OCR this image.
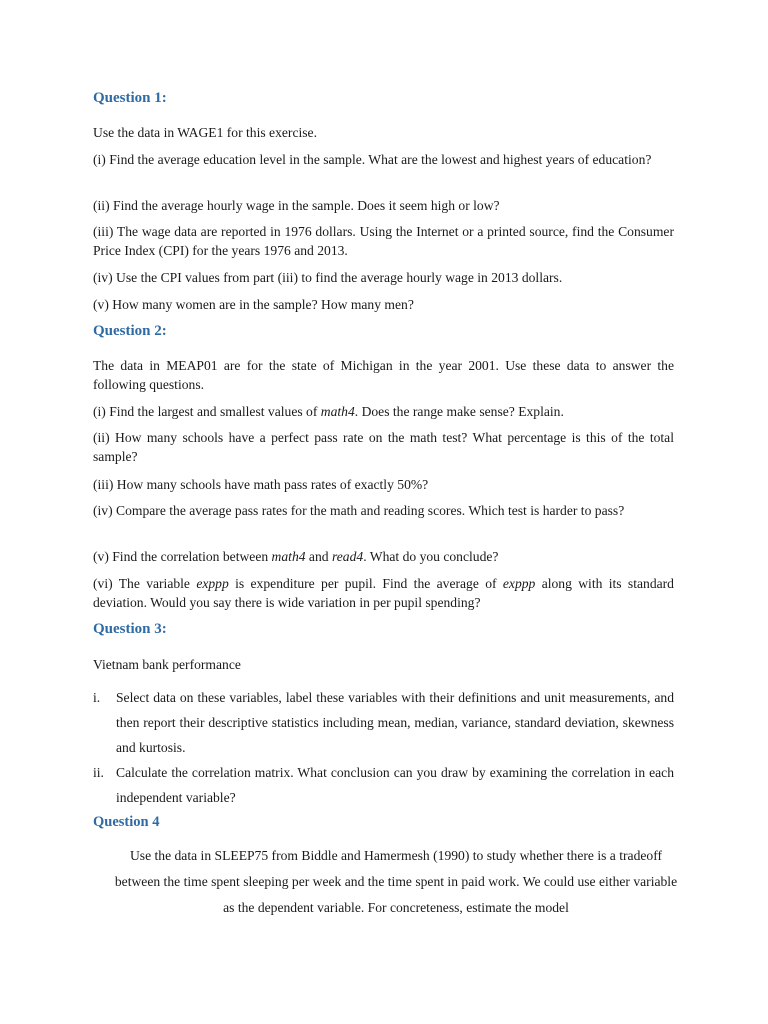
Question 1:

Use the data in WAGE1 for this exercise.

(i) Find the average education level in the sample. What are the lowest and highest years of education?

(ii) Find the average hourly wage in the sample. Does it seem high or low?

(iii) The wage data are reported in 1976 dollars. Using the Internet or a printed source, find the Consumer Price Index (CPI) for the years 1976 and 2013.

(iv) Use the CPI values from part (iii) to find the average hourly wage in 2013 dollars.

(v) How many women are in the sample? How many men?

Question 2:

The data in MEAP01 are for the state of Michigan in the year 2001. Use these data to answer the following questions.

(i) Find the largest and smallest values of math4. Does the range make sense? Explain.

(ii) How many schools have a perfect pass rate on the math test? What percentage is this of the total sample?

(iii) How many schools have math pass rates of exactly 50%?

(iv) Compare the average pass rates for the math and reading scores. Which test is harder to pass?

(v) Find the correlation between math4 and read4. What do you conclude?

(vi) The variable exppp is expenditure per pupil. Find the average of exppp along with its standard deviation. Would you say there is wide variation in per pupil spending?

Question 3:

Vietnam bank performance

i. Select data on these variables, label these variables with their definitions and unit measurements, and then report their descriptive statistics including mean, median, variance, standard deviation, skewness and kurtosis.
ii. Calculate the correlation matrix. What conclusion can you draw by examining the correlation in each independent variable?
Question 4

Use the data in SLEEP75 from Biddle and Hamermesh (1990) to study whether there is a tradeoff between the time spent sleeping per week and the time spent in paid work. We could use either variable as the dependent variable. For concreteness, estimate the model
